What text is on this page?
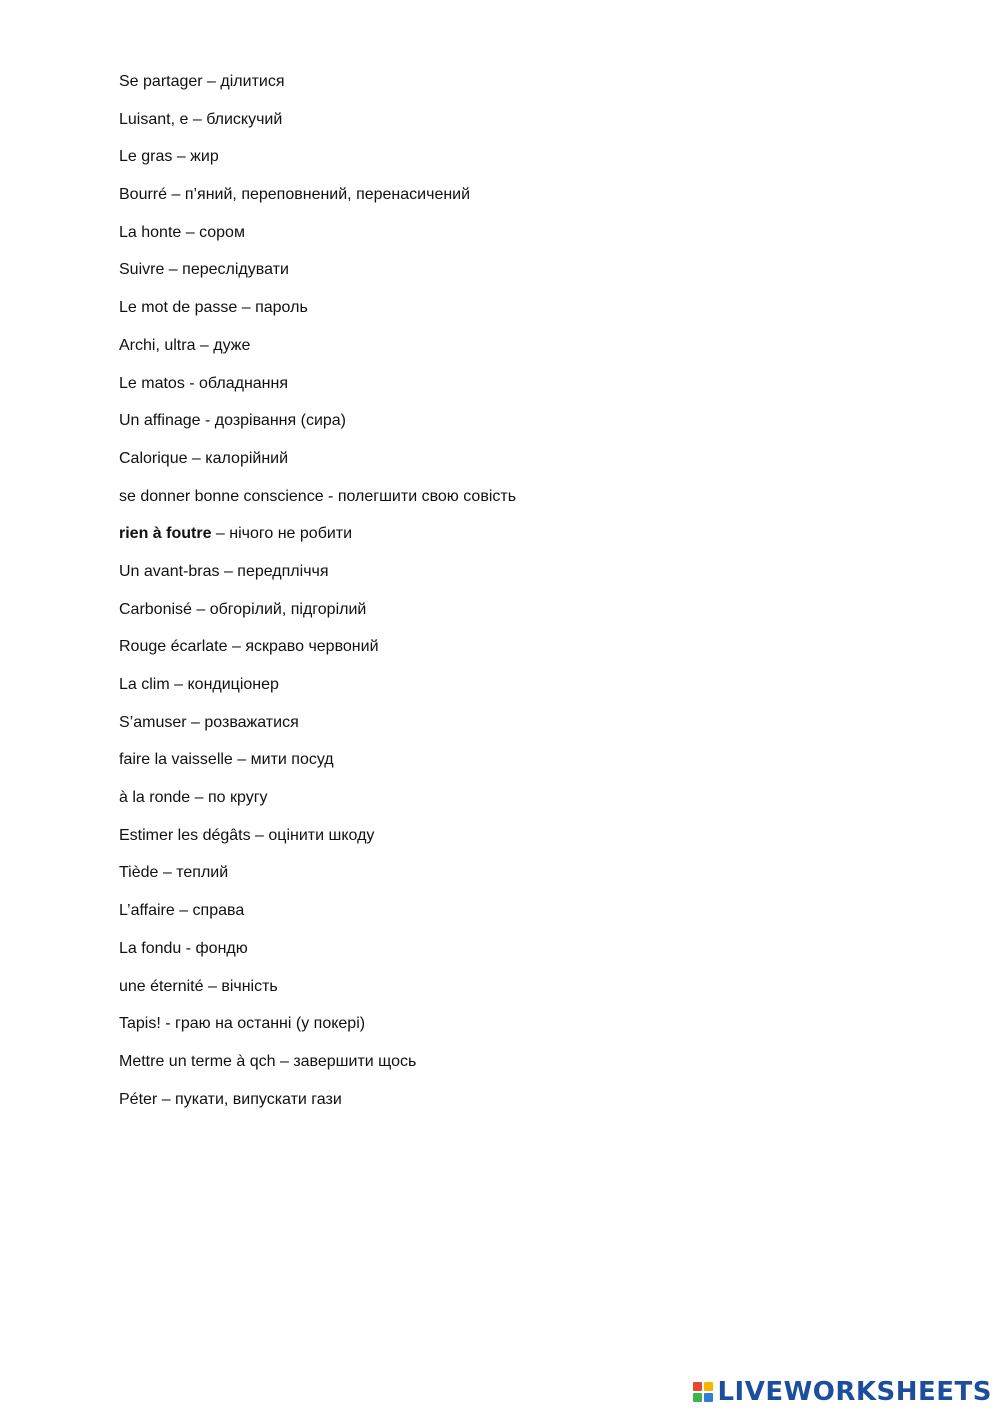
Se partager – ділитися
Luisant, e – блискучий
Le gras – жир
Bourré – п’яний, переповнений, перенасичений
La honte – сором
Suivre – переслідувати
Le mot de passe – пароль
Archi, ultra – дуже
Le matos - обладнання
Un affinage - дозрівання (сира)
Calorique – калорійний
se donner bonne conscience - полегшити свою совість
rien à foutre – нічого не робити
Un avant-bras – передпліччя
Carbonisé – обгорілий, підгорілий
Rouge écarlate – яскраво червоний
La clim – кондиціонер
S’amuser – розважатися
faire la vaisselle – мити посуд
à la ronde – по кругу
Estimer les dégâts – оцінити шкоду
Tiède – теплий
L’affaire – справа
La fondu - фондю
une éternité – вічність
Tapis! - граю на останні (у покері)
Mettre un terme à qch – завершити щось
Péter – пукати, випускати гази
LIVEWORKSHEETS
